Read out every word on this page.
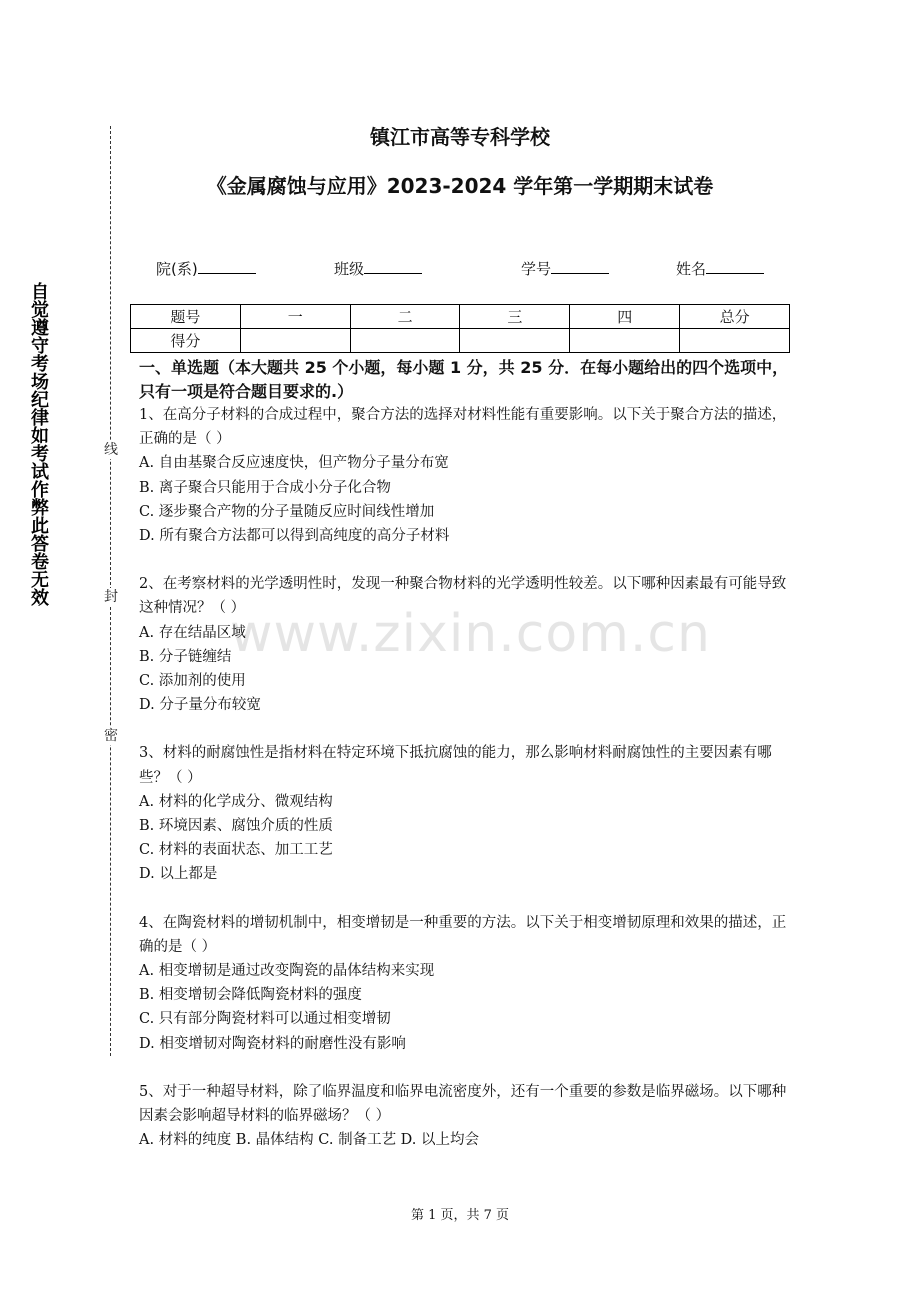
自觉遵守考场纪律如考试作弊此答卷无效	线
封
密
镇江市高等专科学校
《金属腐蚀与应用》2023-2024 学年第一学期期末试卷
院(系)	班级	学号	姓名
题号	一	二	三	四	总分
得分					
一、单选题（本大题共 25 个小题，每小题 1 分，共 25 分．在每小题给出的四个选项中，只有一项是符合题目要求的.）
www.zixin.com.cn

1、在高分子材料的合成过程中，聚合方法的选择对材料性能有重要影响。以下关于聚合方法的描述，正确的是（ ）

A. 自由基聚合反应速度快，但产物分子量分布宽

B. 离子聚合只能用于合成小分子化合物

C. 逐步聚合产物的分子量随反应时间线性增加

D. 所有聚合方法都可以得到高纯度的高分子材料

2、在考察材料的光学透明性时，发现一种聚合物材料的光学透明性较差。以下哪种因素最有可能导致这种情况？（ ）

A. 存在结晶区域

B. 分子链缠结

C. 添加剂的使用

D. 分子量分布较宽

3、材料的耐腐蚀性是指材料在特定环境下抵抗腐蚀的能力，那么影响材料耐腐蚀性的主要因素有哪些？（ ）

A. 材料的化学成分、微观结构

B. 环境因素、腐蚀介质的性质

C. 材料的表面状态、加工工艺

D. 以上都是

4、在陶瓷材料的增韧机制中，相变增韧是一种重要的方法。以下关于相变增韧原理和效果的描述，正确的是（ ）

A. 相变增韧是通过改变陶瓷的晶体结构来实现

B. 相变增韧会降低陶瓷材料的强度

C. 只有部分陶瓷材料可以通过相变增韧

D. 相变增韧对陶瓷材料的耐磨性没有影响

5、对于一种超导材料，除了临界温度和临界电流密度外，还有一个重要的参数是临界磁场。以下哪种因素会影响超导材料的临界磁场？（ ）

A. 材料的纯度 B. 晶体结构 C. 制备工艺 D. 以上均会

第 1 页，共 7 页
